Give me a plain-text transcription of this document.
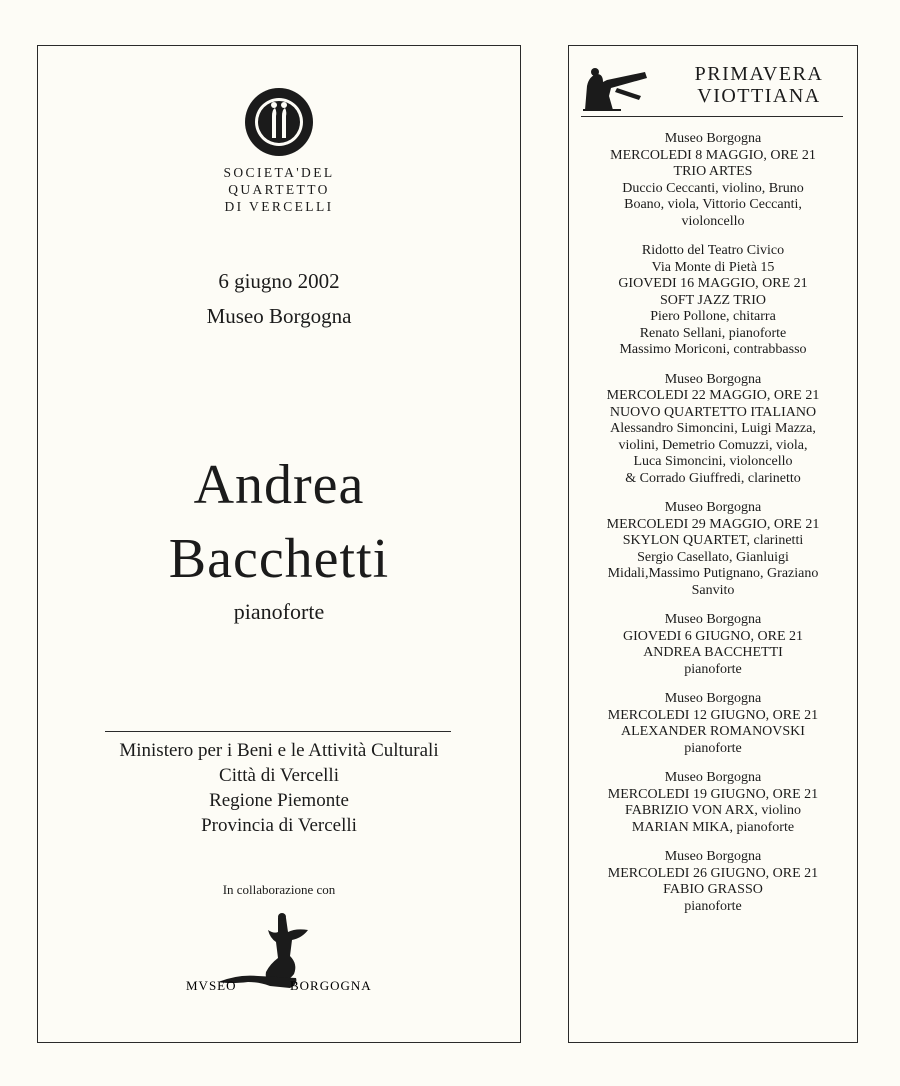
SOCIETA'DEL
QUARTETTO
DI VERCELLI
6 giugno 2002
Museo Borgogna
Andrea
Bacchetti
pianoforte
Ministero per i Beni e le Attività Culturali
Città di Vercelli
Regione Piemonte
Provincia di Vercelli
In collaborazione con
MVSEO	BORGOGNA
PRIMAVERA
VIOTTIANA
Museo Borgogna
MERCOLEDI 8 MAGGIO, ORE 21
TRIO ARTES
Duccio Ceccanti, violino, Bruno
Boano, viola, Vittorio Ceccanti,
violoncello
Ridotto del Teatro Civico
Via Monte di Pietà 15
GIOVEDI 16 MAGGIO, ORE 21
SOFT JAZZ TRIO
Piero Pollone, chitarra
Renato Sellani, pianoforte
Massimo Moriconi, contrabbasso
Museo Borgogna
MERCOLEDI 22 MAGGIO, ORE 21
NUOVO QUARTETTO ITALIANO
Alessandro Simoncini, Luigi Mazza,
violini, Demetrio Comuzzi, viola,
Luca Simoncini, violoncello
& Corrado Giuffredi, clarinetto
Museo Borgogna
MERCOLEDI 29 MAGGIO, ORE 21
SKYLON QUARTET, clarinetti
Sergio Casellato, Gianluigi
Midali,Massimo Putignano, Graziano
Sanvito
Museo Borgogna
GIOVEDI 6 GIUGNO, ORE 21
ANDREA BACCHETTI
pianoforte
Museo Borgogna
MERCOLEDI 12 GIUGNO, ORE 21
ALEXANDER ROMANOVSKI
pianoforte
Museo Borgogna
MERCOLEDI 19 GIUGNO, ORE 21
FABRIZIO VON ARX, violino
MARIAN MIKA, pianoforte
Museo Borgogna
MERCOLEDI 26 GIUGNO, ORE 21
FABIO GRASSO
pianoforte
